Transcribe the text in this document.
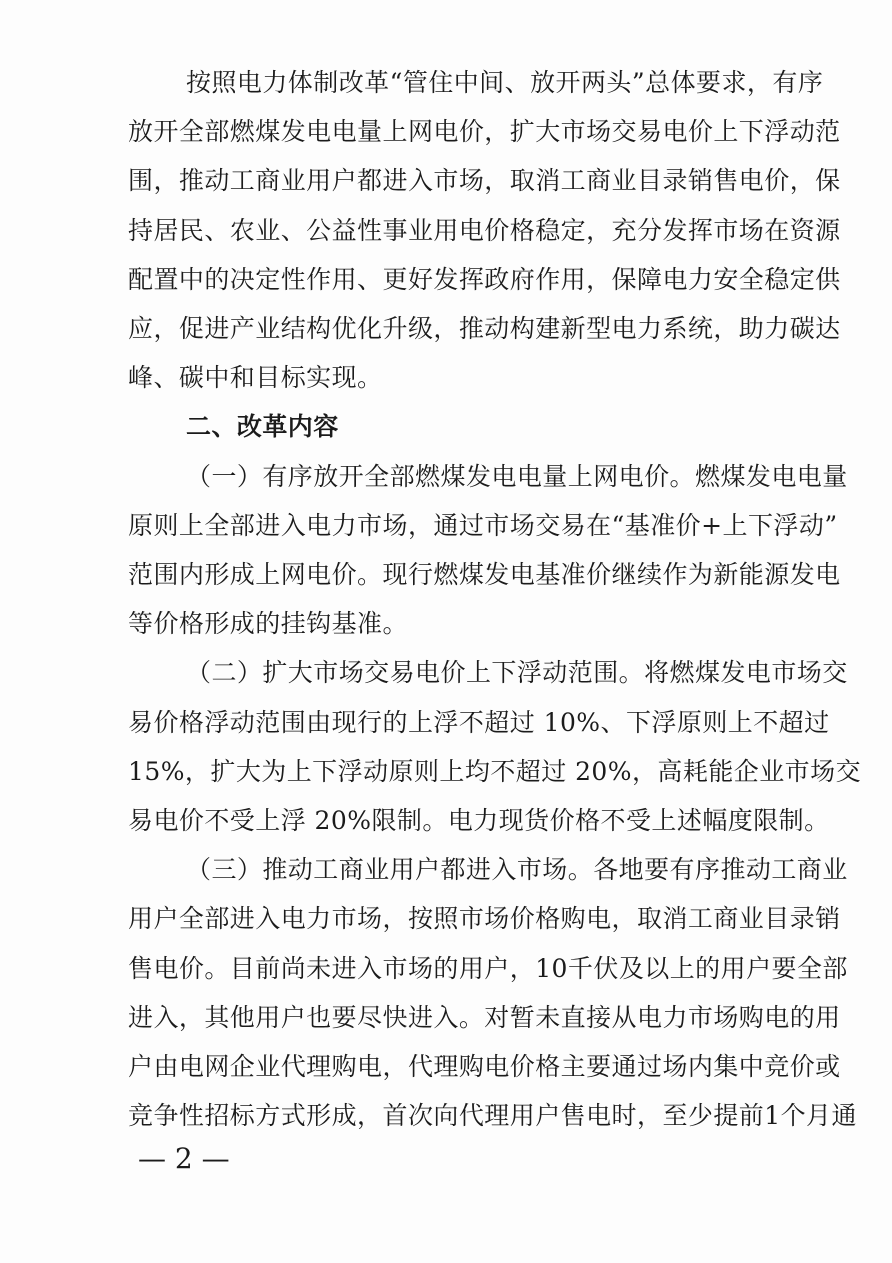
按照电力体制改革“管住中间、放开两头”总体要求，有序
放开全部燃煤发电电量上网电价，扩大市场交易电价上下浮动范
围，推动工商业用户都进入市场，取消工商业目录销售电价，保
持居民、农业、公益性事业用电价格稳定，充分发挥市场在资源
配置中的决定性作用、更好发挥政府作用，保障电力安全稳定供
应，促进产业结构优化升级，推动构建新型电力系统，助力碳达
峰、碳中和目标实现。
二、改革内容
（一）有序放开全部燃煤发电电量上网电价。燃煤发电电量
原则上全部进入电力市场，通过市场交易在“基准价+上下浮动”
范围内形成上网电价。现行燃煤发电基准价继续作为新能源发电
等价格形成的挂钩基准。
（二）扩大市场交易电价上下浮动范围。将燃煤发电市场交
易价格浮动范围由现行的上浮不超过 10%、下浮原则上不超过
15%，扩大为上下浮动原则上均不超过 20%，高耗能企业市场交
易电价不受上浮 20%限制。电力现货价格不受上述幅度限制。
（三）推动工商业用户都进入市场。各地要有序推动工商业
用户全部进入电力市场，按照市场价格购电，取消工商业目录销
售电价。目前尚未进入市场的用户，10千伏及以上的用户要全部
进入，其他用户也要尽快进入。对暂未直接从电力市场购电的用
户由电网企业代理购电，代理购电价格主要通过场内集中竞价或
竞争性招标方式形成，首次向代理用户售电时，至少提前1个月通
— 2 —
